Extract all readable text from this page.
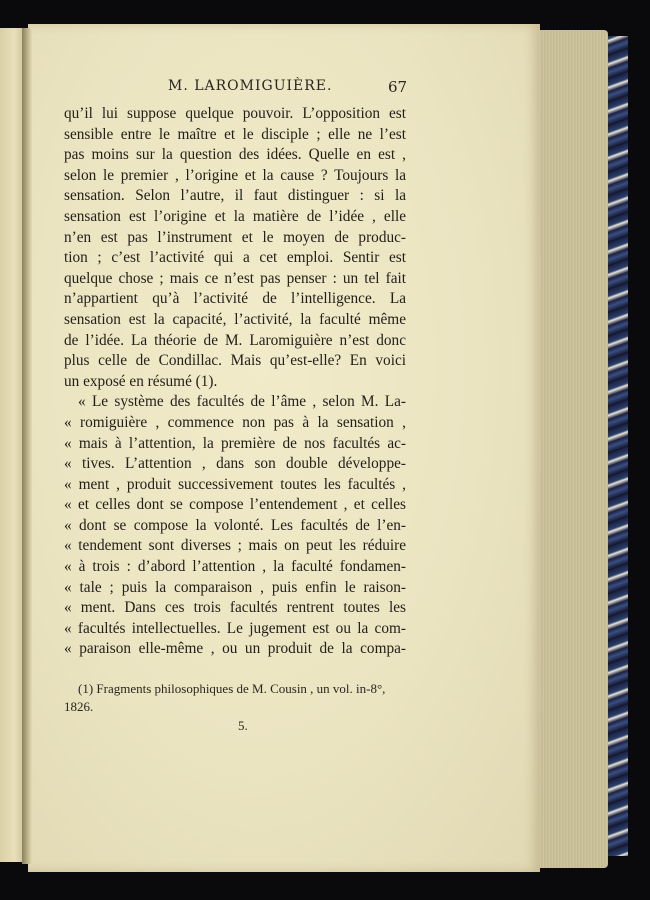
M. LAROMIGUIÈRE.	67
qu’il lui suppose quelque pouvoir. L’opposition est
sensible entre le maître et le disciple ; elle ne l’est
pas moins sur la question des idées. Quelle en est ,
selon le premier , l’origine et la cause ? Toujours la
sensation. Selon l’autre, il faut distinguer : si la
sensation est l’origine et la matière de l’idée , elle
n’en est pas l’instrument et le moyen de produc-
tion ; c’est l’activité qui a cet emploi. Sentir est
quelque chose ; mais ce n’est pas penser : un tel fait
n’appartient qu’à l’activité de l’intelligence. La
sensation est la capacité, l’activité, la faculté même
de l’idée. La théorie de M. Laromiguière n’est donc
plus celle de Condillac. Mais qu’est-elle? En voici
un exposé en résumé (1).
« Le système des facultés de l’âme , selon M. La-
« romiguière , commence non pas à la sensation ,
« mais à l’attention, la première de nos facultés ac-
« tives. L’attention , dans son double développe-
« ment , produit successivement toutes les facultés ,
« et celles dont se compose l’entendement , et celles
« dont se compose la volonté. Les facultés de l’en-
« tendement sont diverses ; mais on peut les réduire
« à trois : d’abord l’attention , la faculté fondamen-
« tale ; puis la comparaison , puis enfin le raison-
« ment. Dans ces trois facultés rentrent toutes les
« facultés intellectuelles. Le jugement est ou la com-
« paraison elle-même , ou un produit de la compa-
(1) Fragments philosophiques de M. Cousin , un vol. in-8°,
1826.
5.
